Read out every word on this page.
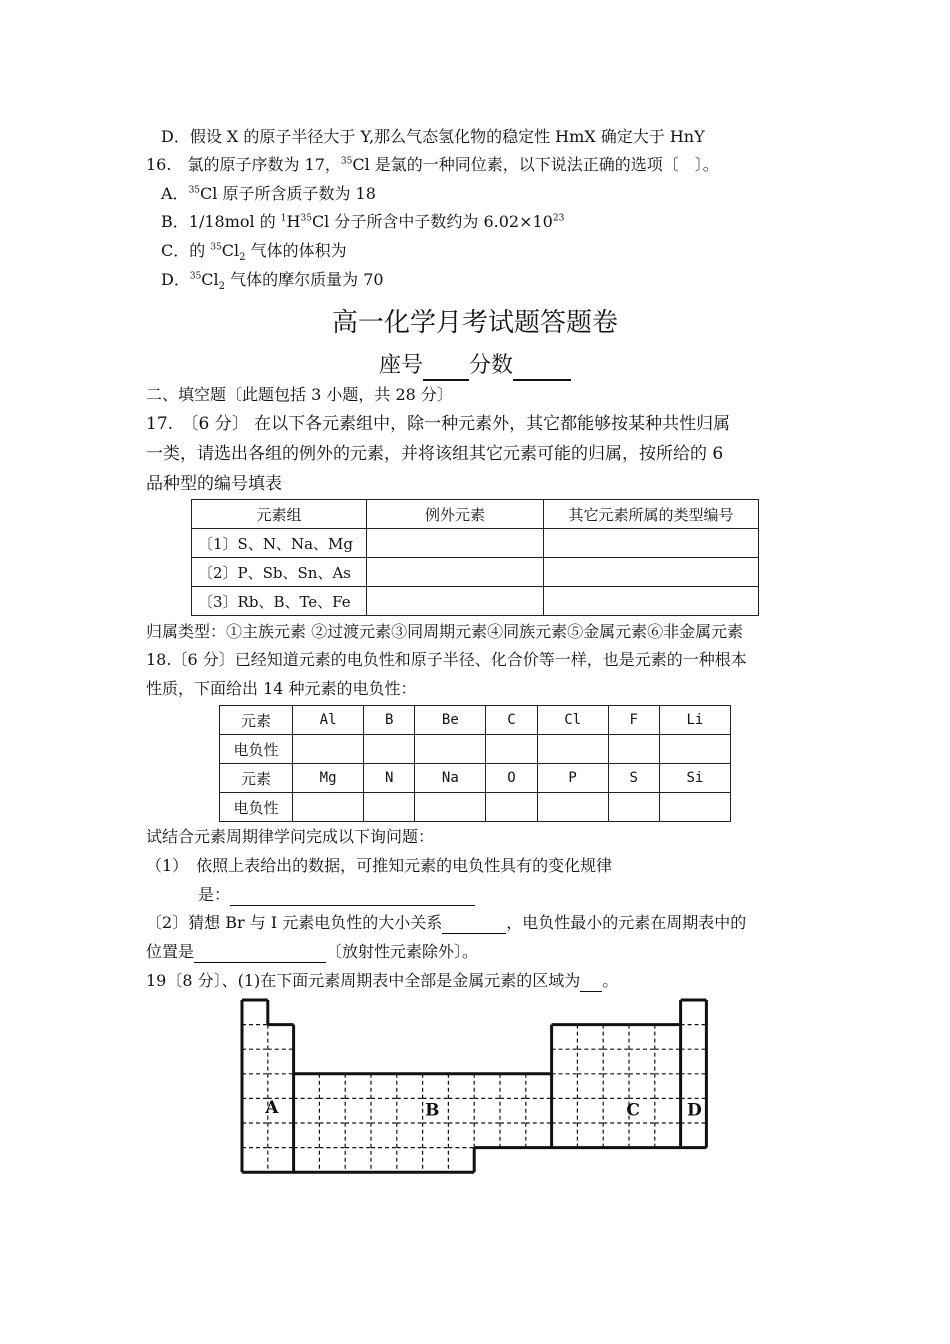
D．假设 X 的原子半径大于 Y,那么气态氢化物的稳定性 HmX 确定大于 HnY
16.　氯的原子序数为 17，$^{35}$Cl 是氯的一种同位素，以下说法正确的选项〔　〕。
A．$^{35}$Cl 原子所含质子数为 18
B．1/18mol 的 $^1H^{35}Cl$ 分子所含中子数约为 $6.02\times 10^{23}$
C．的 $^{35}Cl_2$ 气体的体积为
D．$^{35}Cl_2$ 气体的摩尔质量为 70
高一化学月考试题答题卷
座号 分数
二、填空题〔此题包括 3 小题，共 28 分〕
17.　〔6 分〕 在以下各元素组中，除一种元素外，其它都能够按某种共性归属
一类，请选出各组的例外的元素，并将该组其它元素可能的归属，按所给的 6
品种型的编号填表
元素组	例外元素	其它元素所属的类型编号
〔1〕S、N、Na、Mg		
〔2〕P、Sb、Sn、As		
〔3〕Rb、B、Te、Fe		
归属类型：①主族元素 ②过渡元素③同周期元素④同族元素⑤金属元素⑥非金属元素
18.〔6 分〕已经知道元素的电负性和原子半径、化合价等一样，也是元素的一种根本
性质，下面给出 14 种元素的电负性：
元素	Al	B	Be	C	Cl	F	Li
电负性							
元素	Mg	N	Na	O	P	S	Si
电负性							
试结合元素周期律学问完成以下询问题：
（1）　依照上表给出的数据，可推知元素的电负性具有的变化规律
是：
〔2〕猜想 Br 与 I 元素电负性的大小关系	，电负性最小的元素在周期表中的
位置是	〔放射性元素除外〕。
19〔8 分〕、(1)在下面元素周期表中全部是金属元素的区域为 。
A	B	C	D
